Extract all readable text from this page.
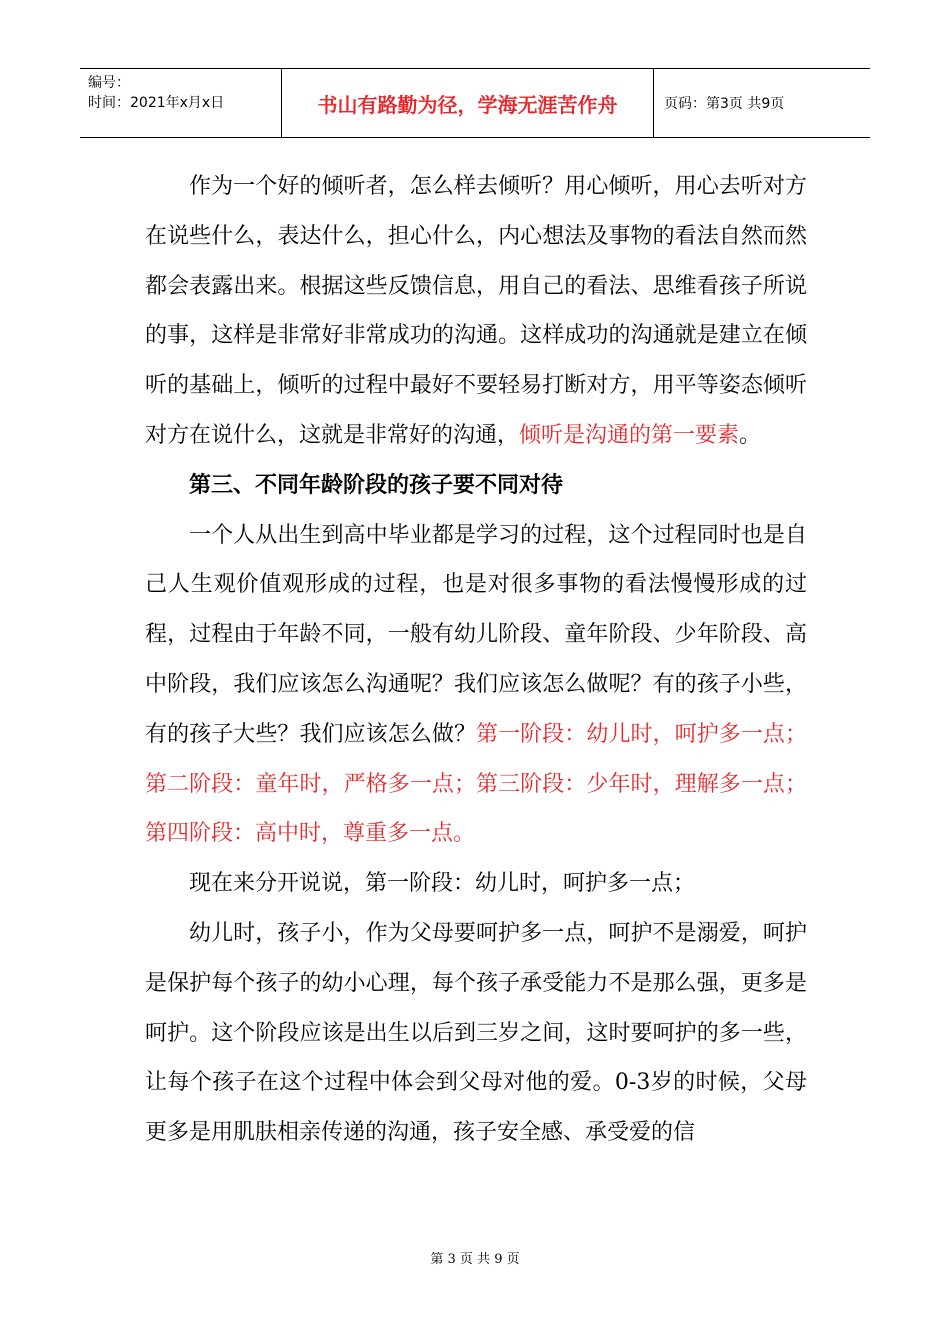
编号：
时间：2021年x月x日	书山有路勤为径，学海无涯苦作舟	页码：第3页 共9页

作为一个好的倾听者，怎么样去倾听？用心倾听，用心去听对方在说些什么，表达什么，担心什么，内心想法及事物的看法自然而然都会表露出来。根据这些反馈信息，用自己的看法、思维看孩子所说的事，这样是非常好非常成功的沟通。这样成功的沟通就是建立在倾听的基础上，倾听的过程中最好不要轻易打断对方，用平等姿态倾听对方在说什么，这就是非常好的沟通，倾听是沟通的第一要素。

第三、不同年龄阶段的孩子要不同对待

一个人从出生到高中毕业都是学习的过程，这个过程同时也是自己人生观价值观形成的过程，也是对很多事物的看法慢慢形成的过程，过程由于年龄不同，一般有幼儿阶段、童年阶段、少年阶段、高中阶段，我们应该怎么沟通呢？我们应该怎么做呢？有的孩子小些，有的孩子大些？我们应该怎么做？第一阶段：幼儿时，呵护多一点；第二阶段：童年时，严格多一点；第三阶段：少年时，理解多一点；第四阶段：高中时，尊重多一点。

现在来分开说说，第一阶段：幼儿时，呵护多一点；

幼儿时，孩子小，作为父母要呵护多一点，呵护不是溺爱，呵护是保护每个孩子的幼小心理，每个孩子承受能力不是那么强，更多是呵护。这个阶段应该是出生以后到三岁之间，这时要呵护的多一些，让每个孩子在这个过程中体会到父母对他的爱。0-3岁的时候，父母更多是用肌肤相亲传递的沟通，孩子安全感、承受爱的信

第 3 页 共 9 页
